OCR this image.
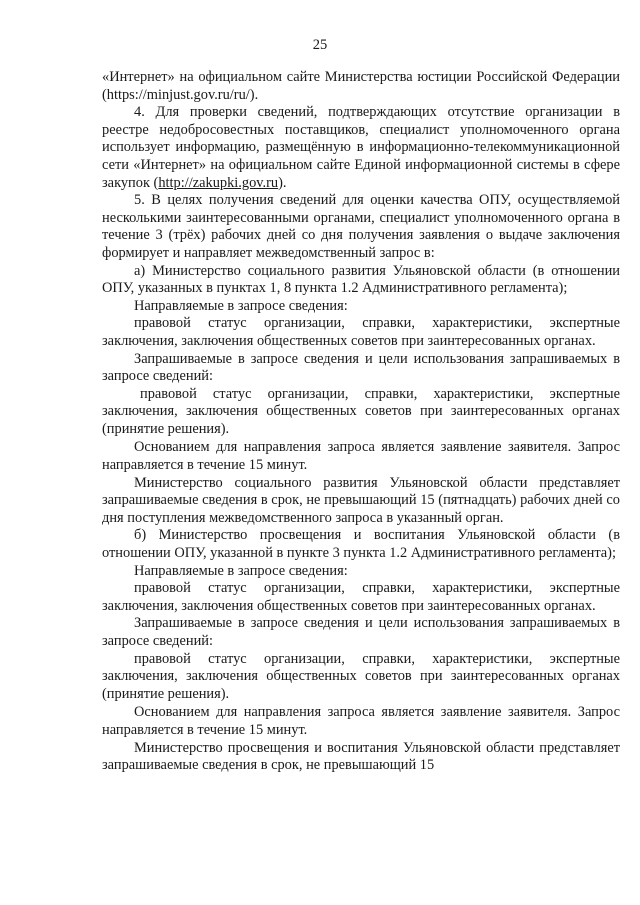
25

«Интернет» на официальном сайте Министерства юстиции Российской Федерации (https://minjust.gov.ru/ru/).

4. Для проверки сведений, подтверждающих отсутствие организации в реестре недобросовестных поставщиков, специалист уполномоченного органа использует информацию, размещённую в информационно-телекоммуникационной сети «Интернет» на официальном сайте Единой информационной системы в сфере закупок (http://zakupki.gov.ru).

5. В целях получения сведений для оценки качества ОПУ, осуществляемой несколькими заинтересованными органами, специалист уполномоченного органа в течение 3 (трёх) рабочих дней со дня получения заявления о выдаче заключения формирует и направляет межведомственный запрос в:

а) Министерство социального развития Ульяновской области (в отношении ОПУ, указанных в пунктах 1, 8 пункта 1.2 Административного регламента);

Направляемые в запросе сведения:

правовой статус организации, справки, характеристики, экспертные заключения, заключения общественных советов при заинтересованных органах.

Запрашиваемые в запросе сведения и цели использования запрашиваемых в запросе сведений:

правовой статус организации, справки, характеристики, экспертные заключения, заключения общественных советов при заинтересованных органах (принятие решения).

Основанием для направления запроса является заявление заявителя. Запрос направляется в течение 15 минут.

Министерство социального развития Ульяновской области представляет запрашиваемые сведения в срок, не превышающий 15 (пятнадцать) рабочих дней со дня поступления межведомственного запроса в указанный орган.

б) Министерство просвещения и воспитания Ульяновской области (в отношении ОПУ, указанной в пункте 3 пункта 1.2 Административного регламента);

Направляемые в запросе сведения:

правовой статус организации, справки, характеристики, экспертные заключения, заключения общественных советов при заинтересованных органах.

Запрашиваемые в запросе сведения и цели использования запрашиваемых в запросе сведений:

правовой статус организации, справки, характеристики, экспертные заключения, заключения общественных советов при заинтересованных органах (принятие решения).

Основанием для направления запроса является заявление заявителя. Запрос направляется в течение 15 минут.

Министерство просвещения и воспитания Ульяновской области представляет запрашиваемые сведения в срок, не превышающий 15
